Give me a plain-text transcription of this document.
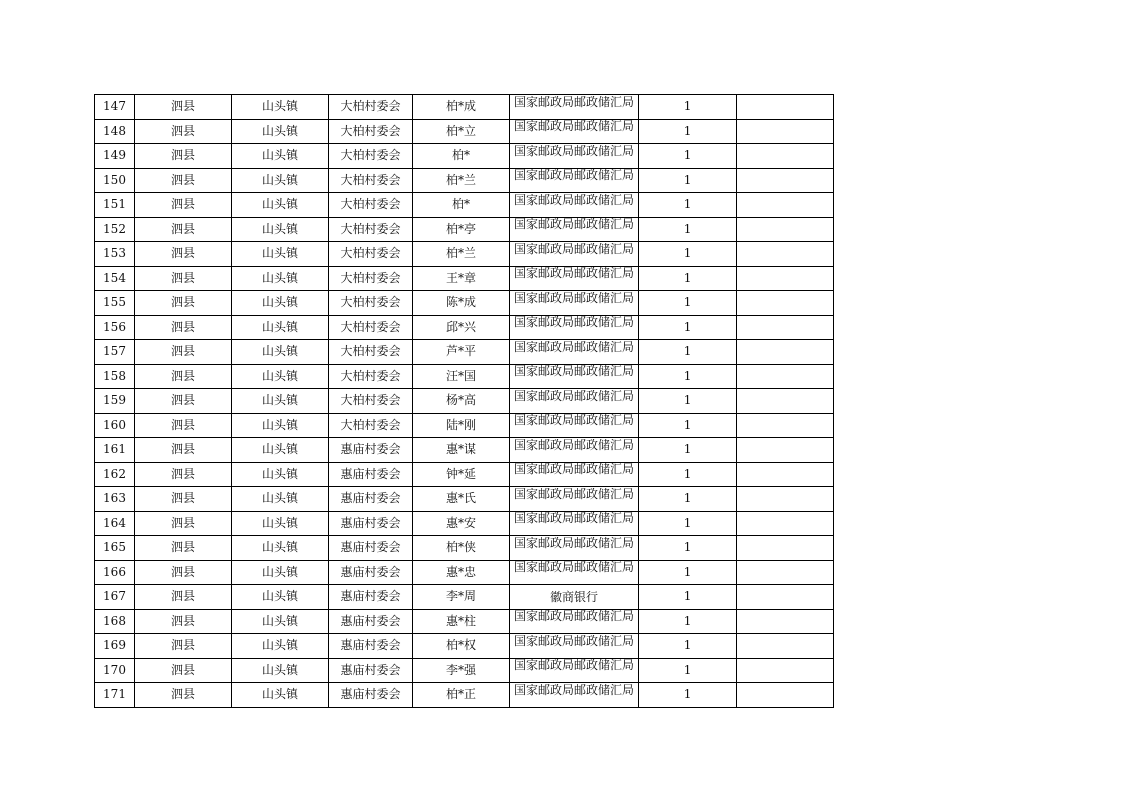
147	泗县	山头镇	大柏村委会	柏*成	国家邮政局邮政储汇局	1	
148	泗县	山头镇	大柏村委会	柏*立	国家邮政局邮政储汇局	1	
149	泗县	山头镇	大柏村委会	柏*	国家邮政局邮政储汇局	1	
150	泗县	山头镇	大柏村委会	柏*兰	国家邮政局邮政储汇局	1	
151	泗县	山头镇	大柏村委会	柏*	国家邮政局邮政储汇局	1	
152	泗县	山头镇	大柏村委会	柏*亭	国家邮政局邮政储汇局	1	
153	泗县	山头镇	大柏村委会	柏*兰	国家邮政局邮政储汇局	1	
154	泗县	山头镇	大柏村委会	王*章	国家邮政局邮政储汇局	1	
155	泗县	山头镇	大柏村委会	陈*成	国家邮政局邮政储汇局	1	
156	泗县	山头镇	大柏村委会	邱*兴	国家邮政局邮政储汇局	1	
157	泗县	山头镇	大柏村委会	芦*平	国家邮政局邮政储汇局	1	
158	泗县	山头镇	大柏村委会	汪*国	国家邮政局邮政储汇局	1	
159	泗县	山头镇	大柏村委会	杨*高	国家邮政局邮政储汇局	1	
160	泗县	山头镇	大柏村委会	陆*刚	国家邮政局邮政储汇局	1	
161	泗县	山头镇	惠庙村委会	惠*谋	国家邮政局邮政储汇局	1	
162	泗县	山头镇	惠庙村委会	钟*延	国家邮政局邮政储汇局	1	
163	泗县	山头镇	惠庙村委会	惠*氏	国家邮政局邮政储汇局	1	
164	泗县	山头镇	惠庙村委会	惠*安	国家邮政局邮政储汇局	1	
165	泗县	山头镇	惠庙村委会	柏*侠	国家邮政局邮政储汇局	1	
166	泗县	山头镇	惠庙村委会	惠*忠	国家邮政局邮政储汇局	1	
167	泗县	山头镇	惠庙村委会	李*周	徽商银行	1	
168	泗县	山头镇	惠庙村委会	惠*柱	国家邮政局邮政储汇局	1	
169	泗县	山头镇	惠庙村委会	柏*权	国家邮政局邮政储汇局	1	
170	泗县	山头镇	惠庙村委会	李*强	国家邮政局邮政储汇局	1	
171	泗县	山头镇	惠庙村委会	柏*正	国家邮政局邮政储汇局	1	
